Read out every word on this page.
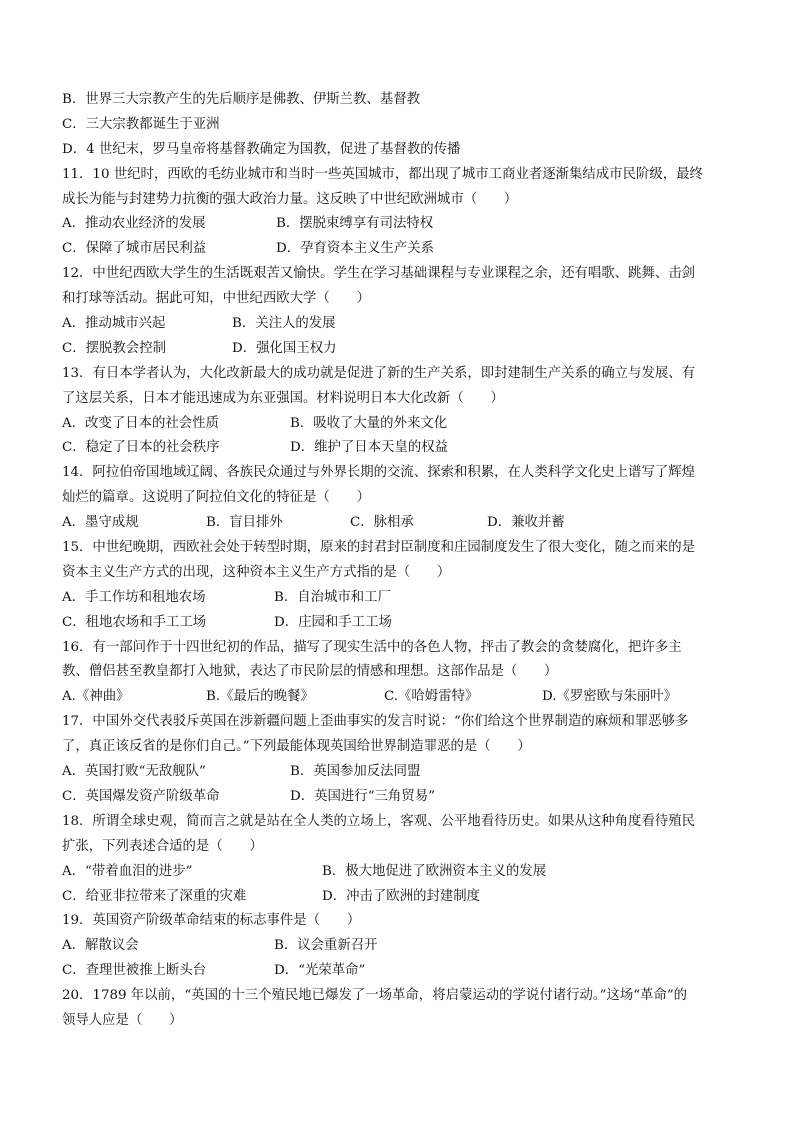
B．世界三大宗教产生的先后顺序是佛教、伊斯兰教、基督教
C．三大宗教都诞生于亚洲
D．4 世纪末，罗马皇帝将基督教确定为国教，促进了基督教的传播
11．10 世纪时，西欧的毛纺业城市和当时一些英国城市，都出现了城市工商业者逐渐集结成市民阶级，最终
成长为能与封建势力抗衡的强大政治力量。这反映了中世纪欧洲城市（　　）
A．推动农业经济的发展	B．摆脱束缚享有司法特权
C．保障了城市居民利益	D．孕育资本主义生产关系
12．中世纪西欧大学生的生活既艰苦又愉快。学生在学习基础课程与专业课程之余，还有唱歌、跳舞、击剑
和打球等活动。据此可知，中世纪西欧大学（　　）
A．推动城市兴起	B．关注人的发展
C．摆脱教会控制	D．强化国王权力
13．有日本学者认为，大化改新最大的成功就是促进了新的生产关系，即封建制生产关系的确立与发展、有
了这层关系，日本才能迅速成为东亚强国。材料说明日本大化改新（　　）
A．改变了日本的社会性质	B．吸收了大量的外来文化
C．稳定了日本的社会秩序	D．维护了日本天皇的权益
14．阿拉伯帝国地域辽阔、各族民众通过与外界长期的交流、探索和积累，在人类科学文化史上谱写了辉煌
灿烂的篇章。这说明了阿拉伯文化的特征是（　　）
A．墨守成规	B．盲目排外	C．脉相承	D．兼收并蓄
15．中世纪晚期，西欧社会处于转型时期，原来的封君封臣制度和庄园制度发生了很大变化，随之而来的是
资本主义生产方式的出现，这种资本主义生产方式指的是（　　）
A．手工作坊和租地农场	B．自治城市和工厂
C．租地农场和手工工场	D．庄园和手工工场
16．有一部问作于十四世纪初的作品，描写了现实生活中的各色人物，抨击了教会的贪婪腐化，把许多主
教、僧侣甚至教皇都打入地狱，表达了市民阶层的情感和理想。这部作品是（　　）
A.《神曲》	B.《最后的晚餐》	C.《哈姆雷特》	D.《罗密欧与朱丽叶》
17．中国外交代表驳斥英国在涉新疆问题上歪曲事实的发言时说：“你们给这个世界制造的麻烦和罪恶够多
了，真正该反省的是你们自己。”下列最能体现英国给世界制造罪恶的是（　　）
A．英国打败“无敌舰队”	B．英国参加反法同盟
C．英国爆发资产阶级革命	D．英国进行“三角贸易”
18．所谓全球史观，简而言之就是站在全人类的立场上，客观、公平地看待历史。如果从这种角度看待殖民
扩张，下列表述合适的是（　　）
A．“带着血泪的进步”	B．极大地促进了欧洲资本主义的发展
C．给亚非拉带来了深重的灾难	D．冲击了欧洲的封建制度
19．英国资产阶级革命结束的标志事件是（　　）
A．解散议会	B．议会重新召开
C．查理世被推上断头台	D．“光荣革命”
20．1789 年以前，“英国的十三个殖民地已爆发了一场革命，将启蒙运动的学说付诸行动。”这场“革命”的
领导人应是（　　）
